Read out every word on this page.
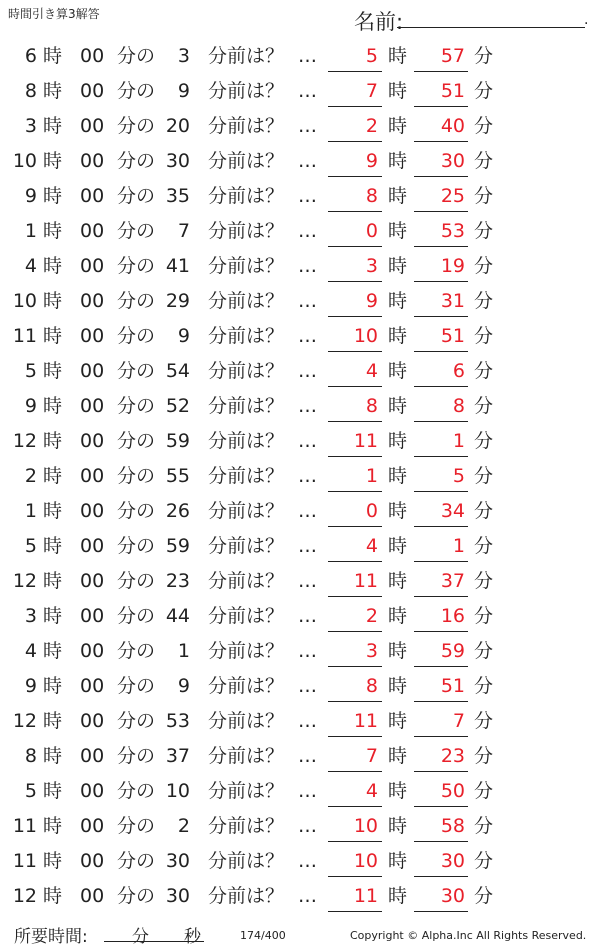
時間引き算3解答	名前:	.
6 時 00 分の 3 分前は？ …	5 時 57 分
8 時 00 分の 9 分前は？ …	7 時 51 分
3 時 00 分の 20 分前は？ …	2 時 40 分
10 時 00 分の 30 分前は？ …	9 時 30 分
9 時 00 分の 35 分前は？ …	8 時 25 分
1 時 00 分の 7 分前は？ …	0 時 53 分
4 時 00 分の 41 分前は？ …	3 時 19 分
10 時 00 分の 29 分前は？ …	9 時 31 分
11 時 00 分の 9 分前は？ … 10 時 51 分
5 時 00 分の 54 分前は？ …	4 時 6 分
9 時 00 分の 52 分前は？ …	8 時 8 分
12 時 00 分の 59 分前は？ … 11 時 1 分
2 時 00 分の 55 分前は？ …	1 時 5 分
1 時 00 分の 26 分前は？ …	0 時 34 分
5 時 00 分の 59 分前は？ …	4 時 1 分
12 時 00 分の 23 分前は？ … 11 時 37 分
3 時 00 分の 44 分前は？ …	2 時 16 分
4 時 00 分の 1 分前は？ …	3 時 59 分
9 時 00 分の 9 分前は？ …	8 時 51 分
12 時 00 分の 53 分前は？ … 11 時 7 分
8 時 00 分の 37 分前は？ …	7 時 23 分
5 時 00 分の 10 分前は？ …	4 時 50 分
11 時 00 分の 2 分前は？ … 10 時 58 分
11 時 00 分の 30 分前は？ … 10 時 30 分
12 時 00 分の 30 分前は？ … 11 時 30 分
所要時間:	分 秒	174/400	Copyright © Alpha.Inc All Rights Reserved.
